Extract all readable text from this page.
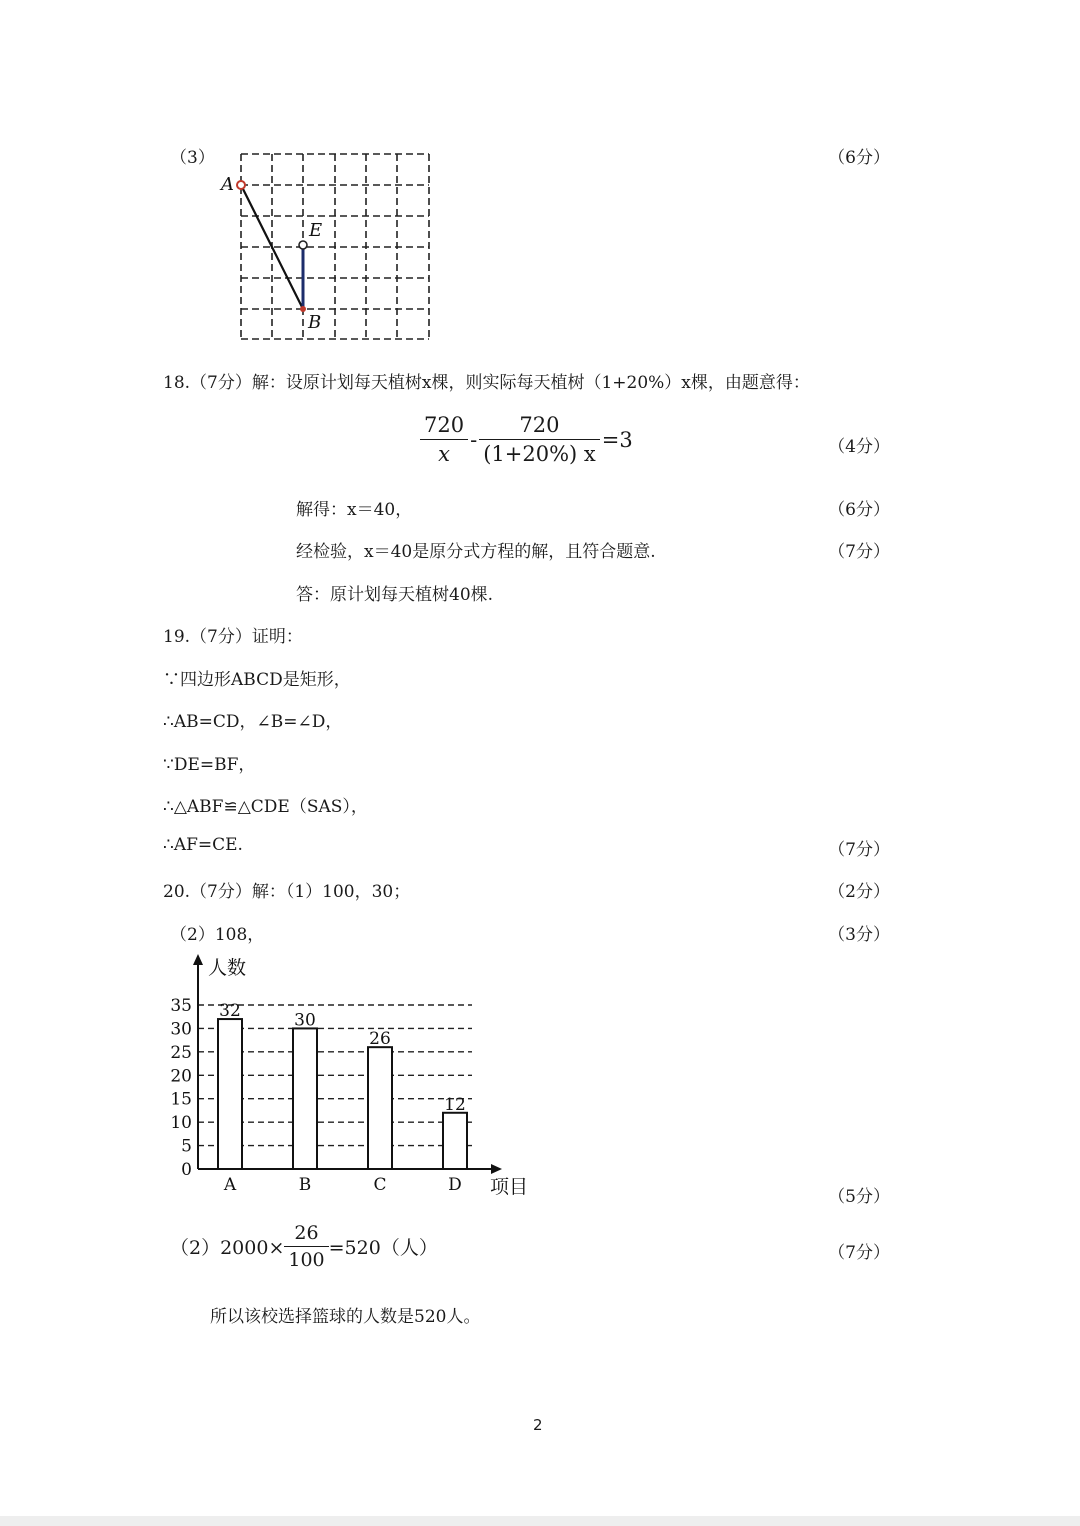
（3）	（6分）
A
E
B
18.（7分）解：设原计划每天植树x棵，则实际每天植树（1+20%）x棵，由题意得：
$\frac{720}{x} - \frac{720}{(1+20\%) x} =3$	（4分）
解得：x＝40，	（6分）
经检验，x＝40是原分式方程的解，且符合题意.	（7分）
答：原计划每天植树40棵.
19.（7分）证明：
∵四边形ABCD是矩形，
∴AB=CD，∠B=∠D，
∵DE=BF，
∴△ABF≌△CDE（SAS），
∴AF=CE.	（7分）
20.（7分）解：（1）100，30；	（2分）
（2）108，	（3分）
0
5
10
15
20
25
30
35 32
A
30
B
26
C
12
D
人数
项目	（5分）
$(2)2000\times \frac{26}{100} =520$（人）	（7分）
所以该校选择篮球的人数是520人。
2
